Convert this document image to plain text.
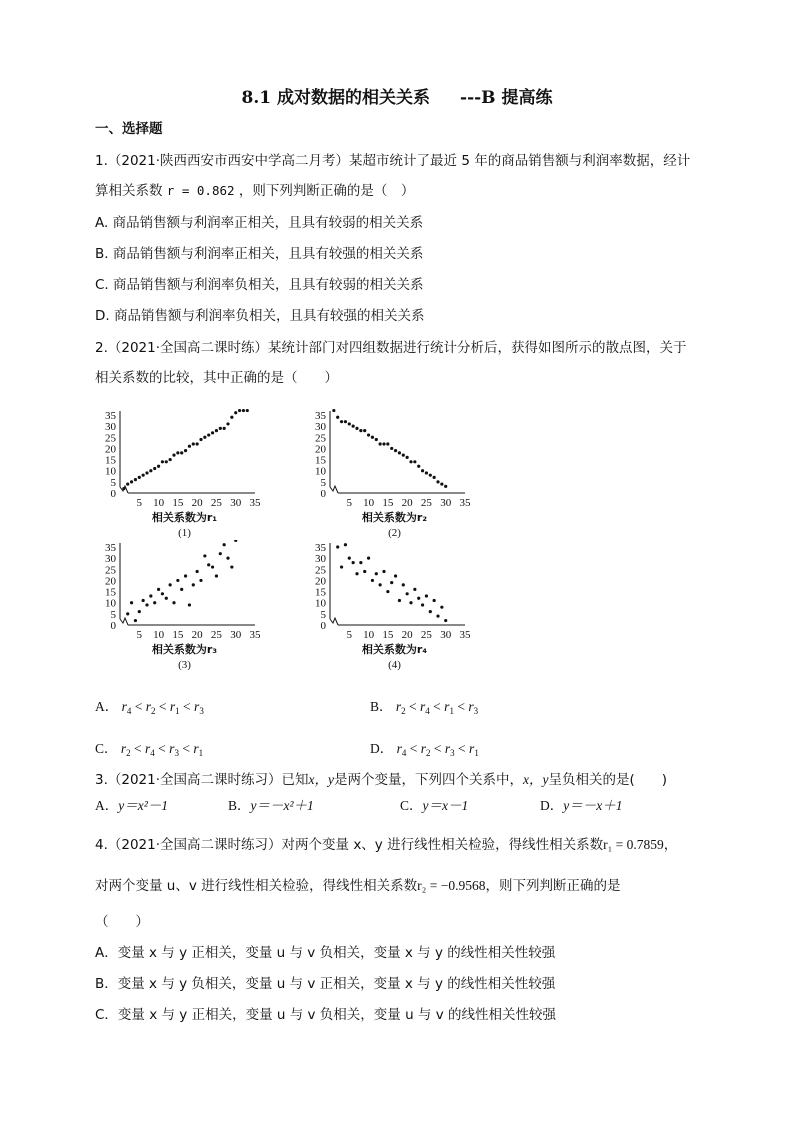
8.1 成对数据的相关关系 ---B 提高练
一、选择题
1.（2021·陕西西安市西安中学高二月考）某超市统计了最近 5 年的商品销售额与利润率数据，经计
算相关系数 r = 0.862 ，则下列判断正确的是（　）
A. 商品销售额与利润率正相关，且具有较弱的相关关系
B. 商品销售额与利润率正相关，且具有较强的相关关系
C. 商品销售额与利润率负相关，且具有较弱的相关关系
D. 商品销售额与利润率负相关，且具有较强的相关关系
2.（2021·全国高二课时练）某统计部门对四组数据进行统计分析后，获得如图所示的散点图，关于
相关系数的比较，其中正确的是（　　）
0
5
10
15
20
25
30
35
5 10 15 20 25 30 35
相关系数为r₁
(1)
0
5
10
15
20
25
30
35
5 10 15 20 25 30 35
相关系数为r₂
(2)
0
5
10
15
20
25
30
35
5 10 15 20 25 30 35
相关系数为r₃
(3)
0
5
10
15
20
25
30
35
5 10 15 20 25 30 35
相关系数为r₄
(4)
A． $r_4 < r_2 < r_1 < r_3$	B． $r_2 < r_4 < r_1 < r_3$
C． $r_2 < r_4 < r_3 < r_1$	D． $r_4 < r_2 < r_3 < r_1$
3.（2021·全国高二课时练习）已知x，y是两个变量，下列四个关系中，x，y呈负相关的是(　　)
A．y＝x²－1	B．y＝－x²＋1	C．y＝x－1	D．y＝－x＋1
4.（2021·全国高二课时练习）对两个变量 x、y 进行线性相关检验，得线性相关系数r₁ = 0.7859，
对两个变量 u、v 进行线性相关检验，得线性相关系数r₂ = −0.9568，则下列判断正确的是
（　　）
A．变量 x 与 y 正相关，变量 u 与 v 负相关，变量 x 与 y 的线性相关性较强
B．变量 x 与 y 负相关，变量 u 与 v 正相关，变量 x 与 y 的线性相关性较强
C．变量 x 与 y 正相关，变量 u 与 v 负相关，变量 u 与 v 的线性相关性较强
